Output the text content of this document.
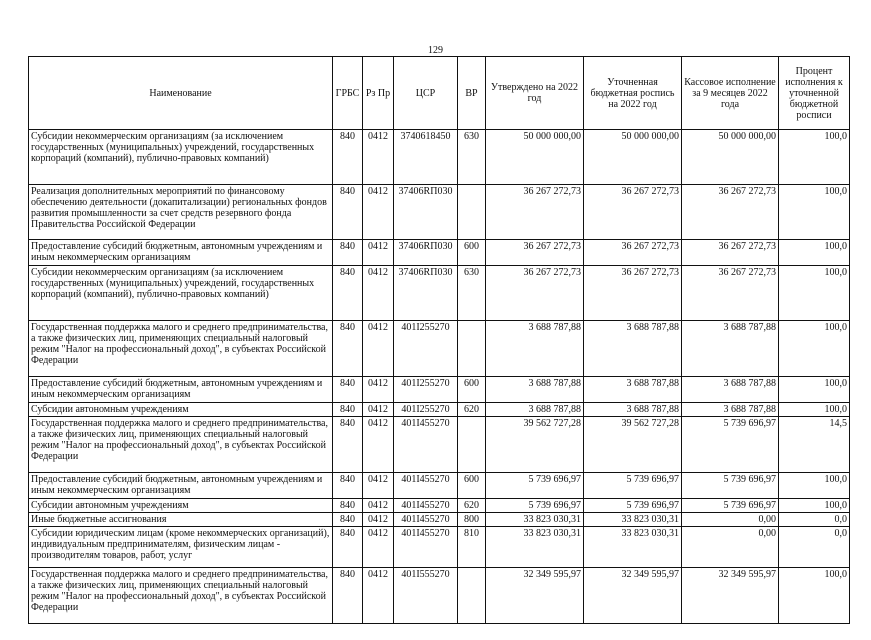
129
Наименование	ГРБС	Рз Пр	ЦСР	ВР	Утверждено на 2022 год	Уточненная бюджетная роспись на 2022 год	Кассовое исполнение за 9 месяцев 2022 года	Процент исполнения к уточненной бюджетной росписи
Субсидии некоммерческим организациям (за исключением государственных (муниципальных) учреждений, государственных корпораций (компаний), публично-правовых компаний)	840	0412	3740618450	630	50 000 000,00	50 000 000,00	50 000 000,00	100,0
Реализация дополнительных мероприятий по финансовому обеспечению деятельности (докапитализации) региональных фондов развития промышленности за счет средств резервного фонда Правительства Российской Федерации	840	0412	37406RП030		36 267 272,73	36 267 272,73	36 267 272,73	100,0
Предоставление субсидий бюджетным, автономным учреждениям и иным некоммерческим организациям	840	0412	37406RП030	600	36 267 272,73	36 267 272,73	36 267 272,73	100,0
Субсидии некоммерческим организациям (за исключением государственных (муниципальных) учреждений, государственных корпораций (компаний), публично-правовых компаний)	840	0412	37406RП030	630	36 267 272,73	36 267 272,73	36 267 272,73	100,0
Государственная поддержка малого и среднего предпринимательства, а также физических лиц, применяющих специальный налоговый режим "Налог на профессиональный доход", в субъектах Российской Федерации	840	0412	401I255270		3 688 787,88	3 688 787,88	3 688 787,88	100,0
Предоставление субсидий бюджетным, автономным учреждениям и иным некоммерческим организациям	840	0412	401I255270	600	3 688 787,88	3 688 787,88	3 688 787,88	100,0
Субсидии автономным учреждениям	840	0412	401I255270	620	3 688 787,88	3 688 787,88	3 688 787,88	100,0
Государственная поддержка малого и среднего предпринимательства, а также физических лиц, применяющих специальный налоговый режим "Налог на профессиональный доход", в субъектах Российской Федерации	840	0412	401I455270		39 562 727,28	39 562 727,28	5 739 696,97	14,5
Предоставление субсидий бюджетным, автономным учреждениям и иным некоммерческим организациям	840	0412	401I455270	600	5 739 696,97	5 739 696,97	5 739 696,97	100,0
Субсидии автономным учреждениям	840	0412	401I455270	620	5 739 696,97	5 739 696,97	5 739 696,97	100,0
Иные бюджетные ассигнования	840	0412	401I455270	800	33 823 030,31	33 823 030,31	0,00	0,0
Субсидии юридическим лицам (кроме некоммерческих организаций), индивидуальным предпринимателям, физическим лицам - производителям товаров, работ, услуг	840	0412	401I455270	810	33 823 030,31	33 823 030,31	0,00	0,0
Государственная поддержка малого и среднего предпринимательства, а также физических лиц, применяющих специальный налоговый режим "Налог на профессиональный доход", в субъектах Российской Федерации	840	0412	401I555270		32 349 595,97	32 349 595,97	32 349 595,97	100,0
